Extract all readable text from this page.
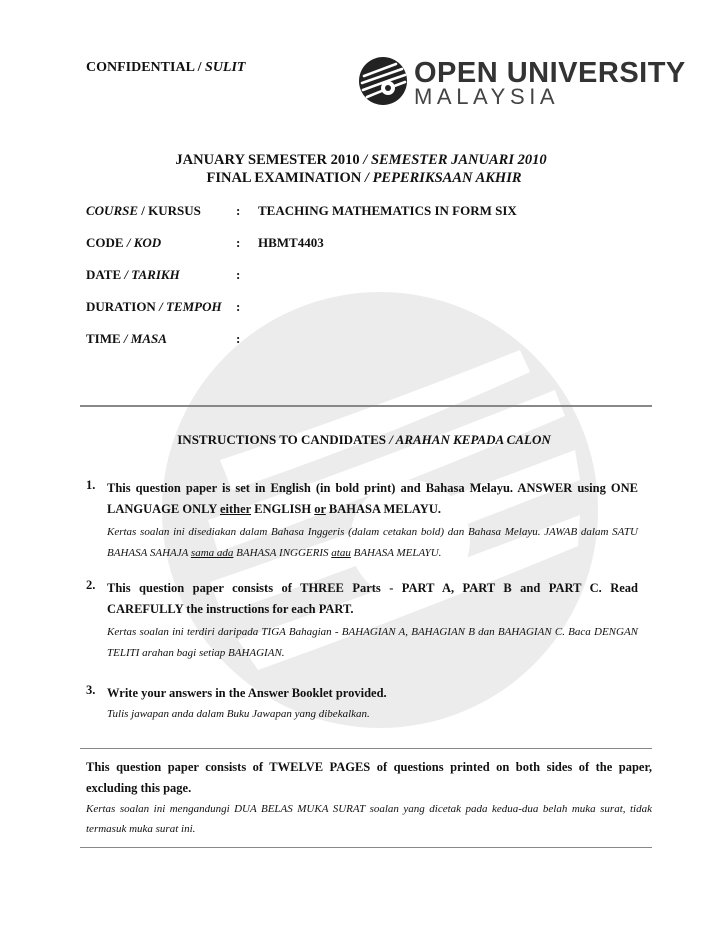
CONFIDENTIAL / SULIT	OPEN UNIVERSITY
MALAYSIA
JANUARY SEMESTER 2010 / SEMESTER JANUARI 2010
FINAL EXAMINATION / PEPERIKSAAN AKHIR
COURSE / KURSUS	: TEACHING MATHEMATICS IN FORM SIX
CODE / KOD	: HBMT4403
DATE / TARIKH	:
DURATION / TEMPOH :
TIME / MASA	:
INSTRUCTIONS TO CANDIDATES / ARAHAN KEPADA CALON
1. This question paper is set in English (in bold print) and Bahasa Melayu. ANSWER using ONE LANGUAGE ONLY either ENGLISH or BAHASA MELAYU.
Kertas soalan ini disediakan dalam Bahasa Inggeris (dalam cetakan bold) dan Bahasa Melayu. JAWAB dalam SATU BAHASA SAHAJA sama ada BAHASA INGGERIS atau BAHASA MELAYU.
2. This question paper consists of THREE Parts - PART A, PART B and PART C. Read CAREFULLY the instructions for each PART.
Kertas soalan ini terdiri daripada TIGA Bahagian - BAHAGIAN A, BAHAGIAN B dan BAHAGIAN C. Baca DENGAN TELITI arahan bagi setiap BAHAGIAN.
3. Write your answers in the Answer Booklet provided.
Tulis jawapan anda dalam Buku Jawapan yang dibekalkan.
This question paper consists of TWELVE PAGES of questions printed on both sides of the paper, excluding this page.
Kertas soalan ini mengandungi DUA BELAS MUKA SURAT soalan yang dicetak pada kedua-dua belah muka surat, tidak termasuk muka surat ini.
